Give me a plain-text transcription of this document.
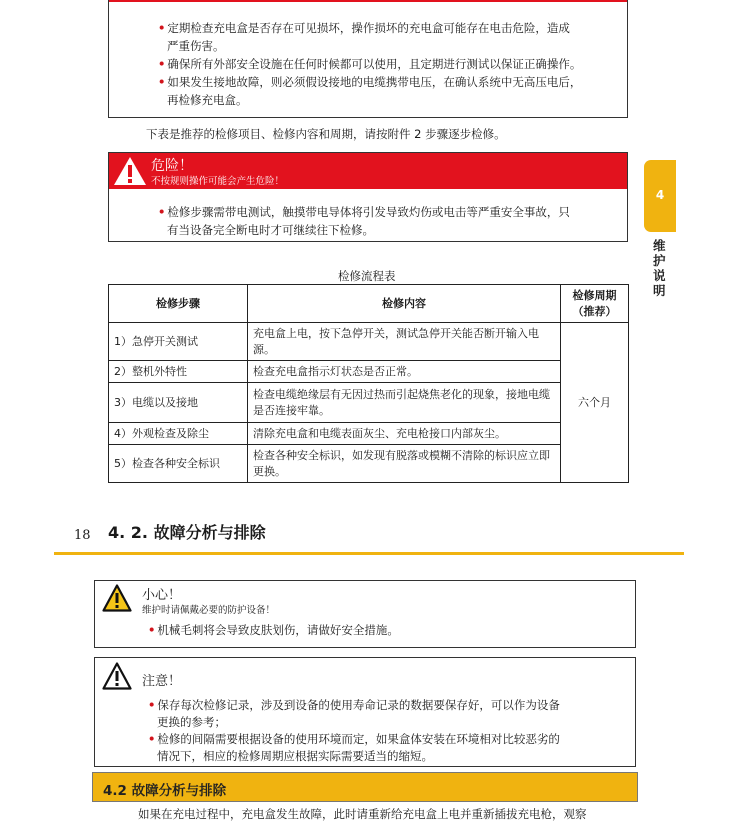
• 定期检查充电盒是否存在可见损坏，操作损坏的充电盒可能存在电击危险，造成
严重伤害。
• 确保所有外部安全设施在任何时候都可以使用，且定期进行测试以保证正确操作。
• 如果发生接地故障，则必须假设接地的电缆携带电压，在确认系统中无高压电后，
再检修充电盒。
下表是推荐的检修项目、检修内容和周期，请按附件 2 步骤逐步检修。
危险！
不按规则操作可能会产生危险！
• 检修步骤需带电测试，触摸带电导体将引发导致灼伤或电击等严重安全事故，只
有当设备完全断电时才可继续往下检修。
检修流程表
检修步骤	检修内容	检修周期
（推荐）
1）急停开关测试	充电盒上电，按下急停开关，测试急停开关能否断开输入电源。	六个月
2）整机外特性	检查充电盒指示灯状态是否正常。	
3）电缆以及接地	检查电缆绝缘层有无因过热而引起烧焦老化的现象，接地电缆是否连接牢靠。	
4）外观检查及除尘	清除充电盒和电缆表面灰尘、充电枪接口内部灰尘。	
5）检查各种安全标识	检查各种安全标识，如发现有脱落或模糊不清除的标识应立即更换。	
4
维护说明
18 4. 2. 故障分析与排除
小心！
维护时请佩戴必要的防护设备！
• 机械毛刺将会导致皮肤划伤，请做好安全措施。
注意！
• 保存每次检修记录，涉及到设备的使用寿命记录的数据要保存好，可以作为设备
更换的参考；
• 检修的间隔需要根据设备的使用环境而定，如果盒体安装在环境相对比较恶劣的
情况下，相应的检修周期应根据实际需要适当的缩短。
4.2 故障分析与排除
如果在充电过程中，充电盒发生故障，此时请重新给充电盒上电并重新插拔充电枪，观察
